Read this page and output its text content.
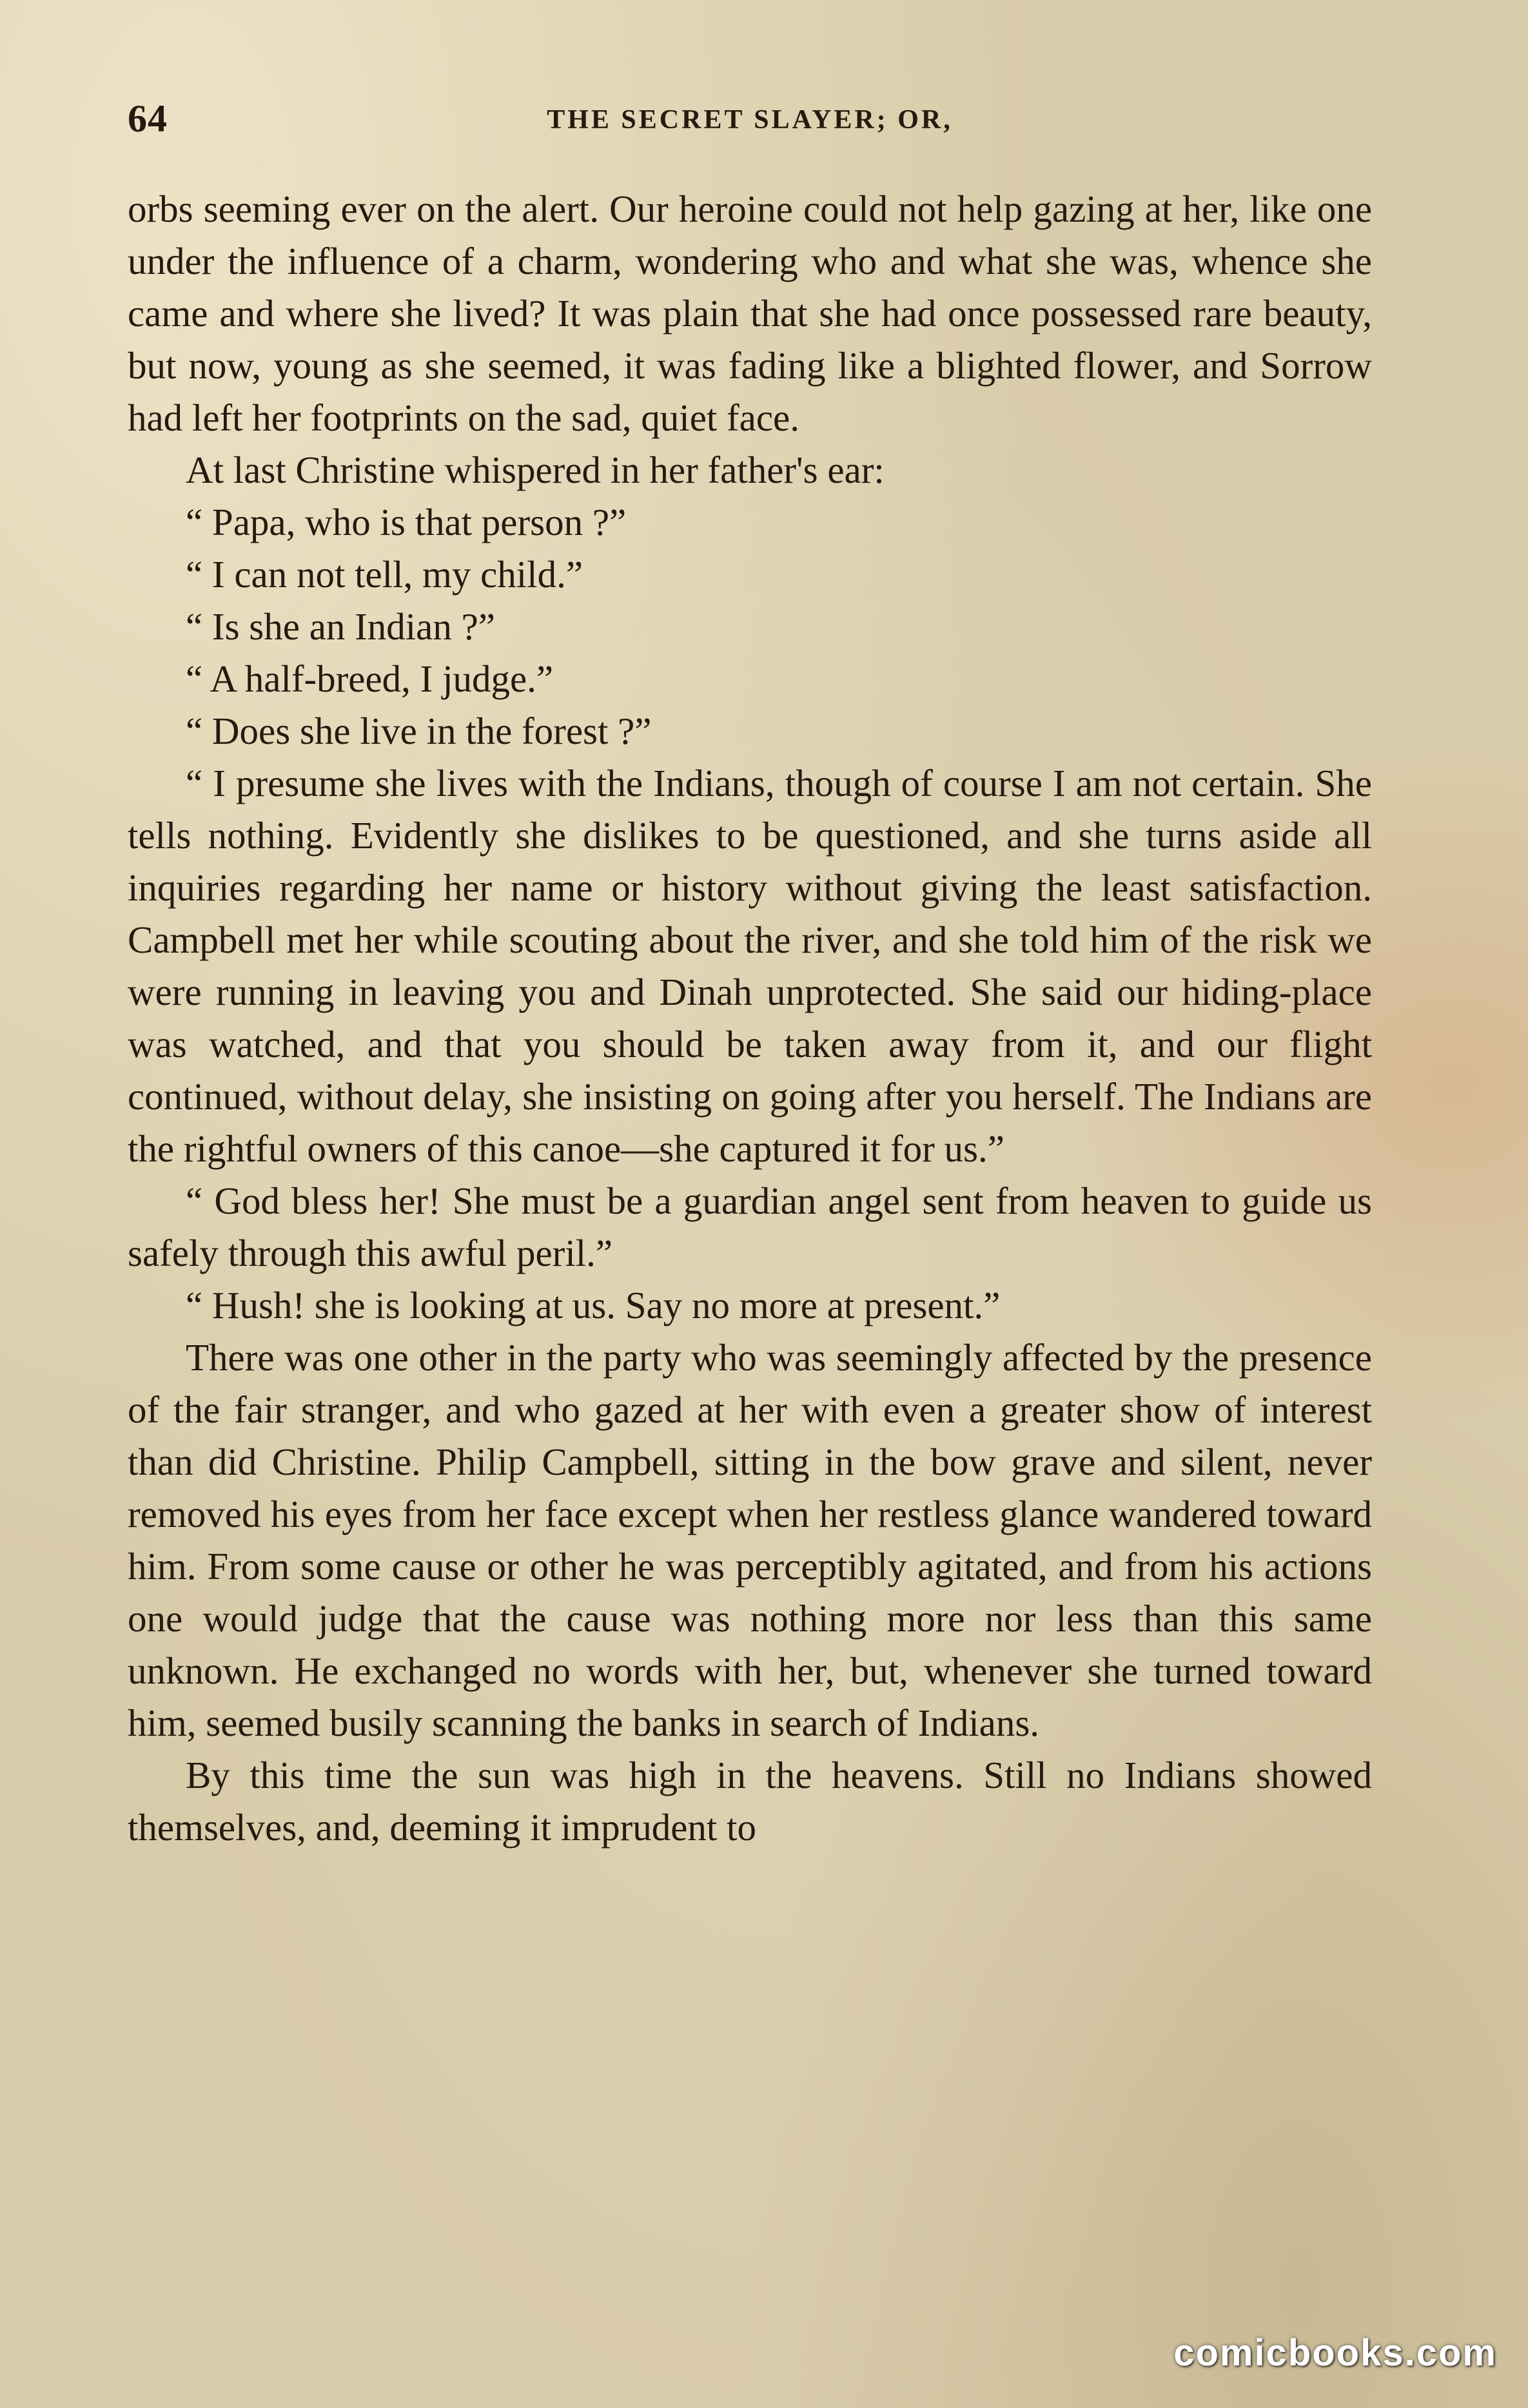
64	THE SECRET SLAYER; OR,

orbs seeming ever on the alert. Our heroine could not help gazing at her, like one under the influence of a charm, wondering who and what she was, whence she came and where she lived? It was plain that she had once possessed rare beauty, but now, young as she seemed, it was fading like a blighted flower, and Sorrow had left her footprints on the sad, quiet face.

At last Christine whispered in her father's ear:

“ Papa, who is that person ?”

“ I can not tell, my child.”

“ Is she an Indian ?”

“ A half-breed, I judge.”

“ Does she live in the forest ?”

“ I presume she lives with the Indians, though of course I am not certain. She tells nothing. Evidently she dislikes to be questioned, and she turns aside all inquiries regarding her name or history without giving the least satisfaction. Campbell met her while scouting about the river, and she told him of the risk we were running in leaving you and Dinah unprotected. She said our hiding-place was watched, and that you should be taken away from it, and our flight continued, without delay, she insisting on going after you herself. The Indians are the rightful owners of this canoe—she captured it for us.”

“ God bless her! She must be a guardian angel sent from heaven to guide us safely through this awful peril.”

“ Hush! she is looking at us. Say no more at present.”

There was one other in the party who was seemingly affected by the presence of the fair stranger, and who gazed at her with even a greater show of interest than did Christine. Philip Campbell, sitting in the bow grave and silent, never removed his eyes from her face except when her restless glance wandered toward him. From some cause or other he was perceptibly agitated, and from his actions one would judge that the cause was nothing more nor less than this same unknown. He exchanged no words with her, but, whenever she turned toward him, seemed busily scanning the banks in search of Indians.

By this time the sun was high in the heavens. Still no Indians showed themselves, and, deeming it imprudent to

comicbooks.com
